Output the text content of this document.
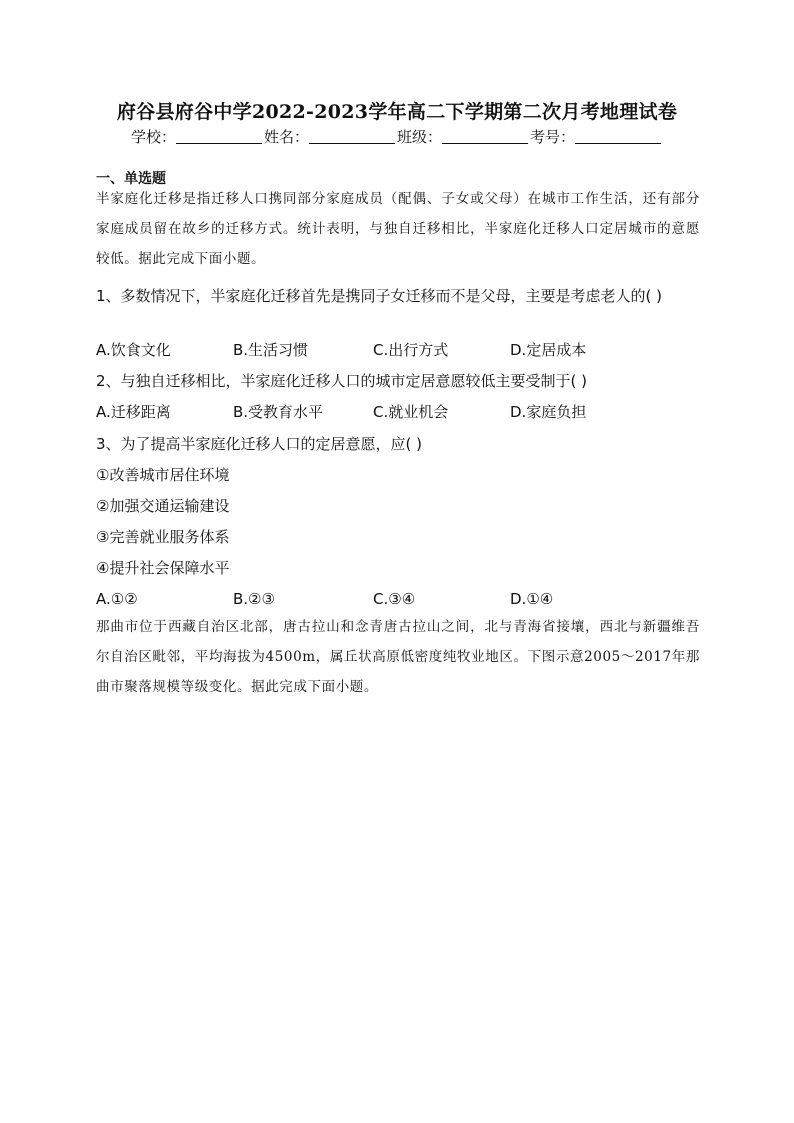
府谷县府谷中学2022-2023学年高二下学期第二次月考地理试卷
学校：	姓名：	班级：	考号：
一、单选题
半家庭化迁移是指迁移人口携同部分家庭成员（配偶、子女或父母）在城市工作生活，还有部分家庭成员留在故乡的迁移方式。统计表明，与独自迁移相比，半家庭化迁移人口定居城市的意愿较低。据此完成下面小题。
1、多数情况下，半家庭化迁移首先是携同子女迁移而不是父母，主要是考虑老人的( )
A.饮食文化	B.生活习惯	C.出行方式	D.定居成本
2、与独自迁移相比，半家庭化迁移人口的城市定居意愿较低主要受制于( )
A.迁移距离	B.受教育水平	C.就业机会	D.家庭负担
3、为了提高半家庭化迁移人口的定居意愿，应( )
①改善城市居住环境
②加强交通运输建设
③完善就业服务体系
④提升社会保障水平
A.①②	B.②③	C.③④	D.①④
那曲市位于西藏自治区北部，唐古拉山和念青唐古拉山之间，北与青海省接壤，西北与新疆维吾尔自治区毗邻，平均海拔为4500m，属丘状高原低密度纯牧业地区。下图示意2005～2017年那曲市聚落规模等级变化。据此完成下面小题。
